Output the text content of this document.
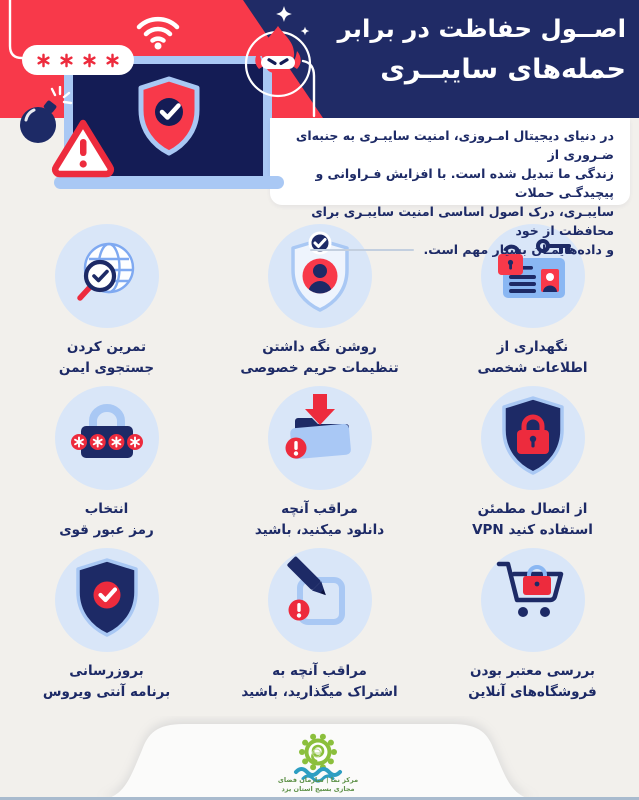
اصــول حفاظت در برابر
حمله‌های سایبــری
در دنیای دیجیتال امـروزی، امنیت سایبـری به جنبه‌ای ضـروری از
زندگی ما تبدیل شده است. با افزایش فـراوانی و پیچیدگـی حملات
سایبـری، درک اصول اساسی امنیت سایبـری برای محافظت از خود
و داده‌هایمـان بسیار مهم است.
تمرین کردن
جستجوی ایمن
روشن نگه داشتن
تنظیمات حریم خصوصی
نگهداری از
اطلاعات شخصی
انتخاب
رمز عبور قوی
مراقب آنچه
دانلود میکنید، باشید
از اتصال مطمئن
VPN استفاده کنید
بروزرسانی
برنامه آنتی ویروس
مراقب آنچه به
اشتراک میگذارید، باشید
بررسی معتبر بودن
فروشگاه‌های آنلاین
مرکز نما | سازمان فضای
مجازی بسیج استان یزد
